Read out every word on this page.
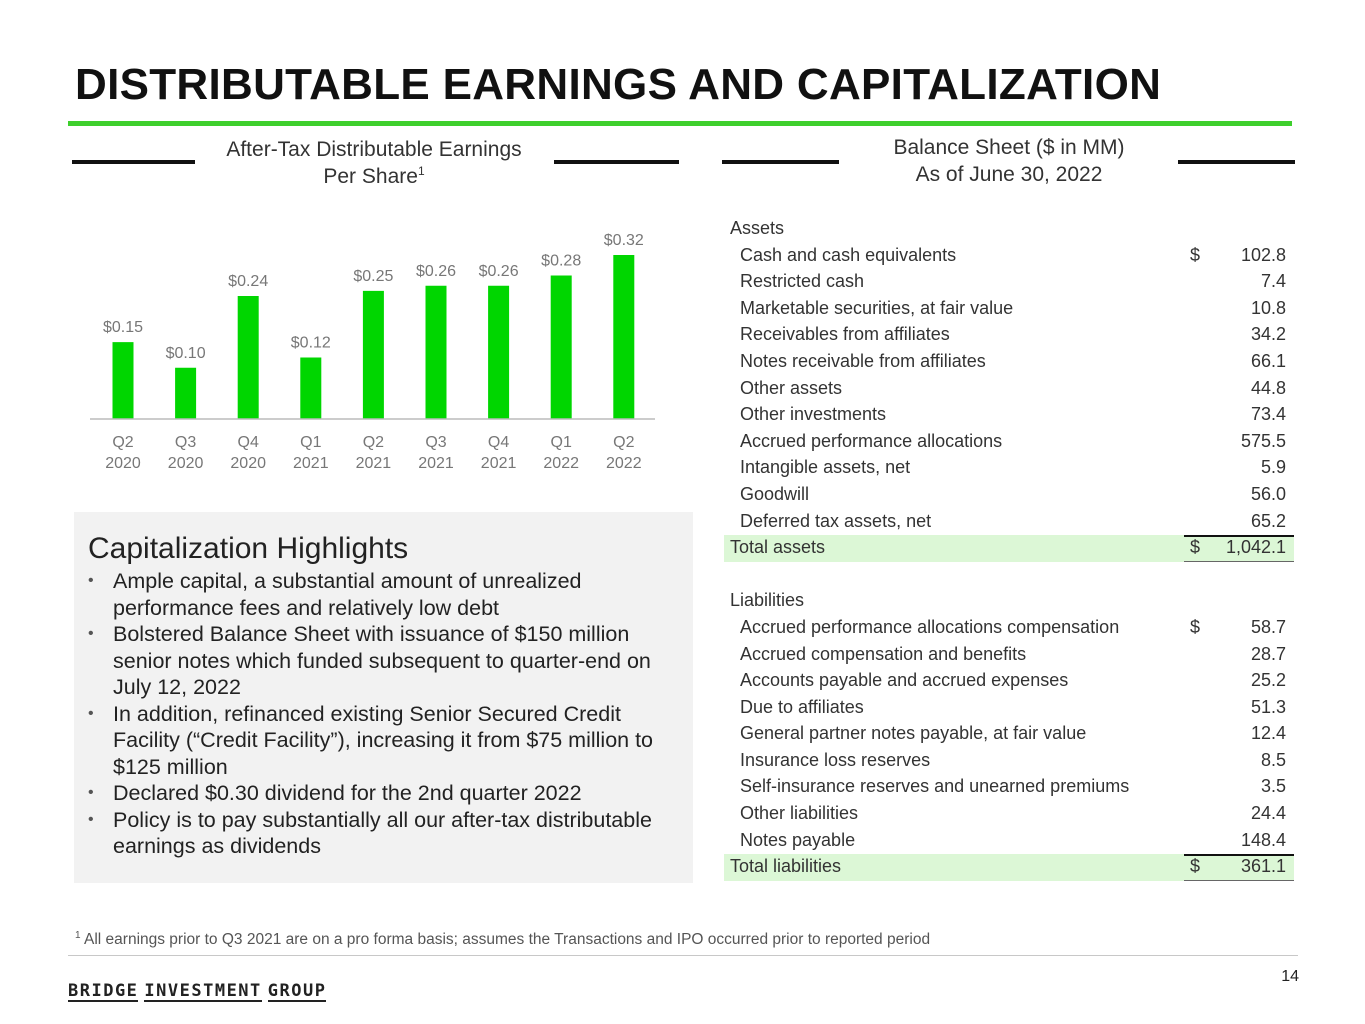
DISTRIBUTABLE EARNINGS AND CAPITALIZATION
After-Tax Distributable Earnings
Per Share$^1$
$0.15
Q2
2020
$0.10
Q3
2020
$0.24
Q4
2020
$0.12
Q1
2021
$0.25
Q2
2021
$0.26
Q3
2021
$0.26
Q4
2021
$0.28
Q1
2022
$0.32
Q2
2022
Capitalization Highlights
• Ample capital, a substantial amount of unrealized performance fees and relatively low debt
• Bolstered Balance Sheet with issuance of $150 million senior notes which funded subsequent to quarter-end on July 12, 2022
• In addition, refinanced existing Senior Secured Credit Facility (“Credit Facility”), increasing it from $75 million to $125 million
• Declared $0.30 dividend for the 2nd quarter 2022
• Policy is to pay substantially all our after-tax distributable earnings as dividends
Balance Sheet ($ in MM)
As of June 30, 2022
Assets
Cash and cash equivalents	$ 102.8
Restricted cash	7.4
Marketable securities, at fair value	10.8
Receivables from affiliates	34.2
Notes receivable from affiliates	66.1
Other assets	44.8
Other investments	73.4
Accrued performance allocations	575.5
Intangible assets, net	5.9
Goodwill	56.0
Deferred tax assets, net	65.2
Total assets	$ 1,042.1
Liabilities
Accrued performance allocations compensation	$	58.7
Accrued compensation and benefits	28.7
Accounts payable and accrued expenses	25.2
Due to affiliates	51.3
General partner notes payable, at fair value	12.4
Insurance loss reserves	8.5
Self-insurance reserves and unearned premiums	3.5
Other liabilities	24.4
Notes payable	148.4
Total liabilities	$ 361.1
$^1$ All earnings prior to Q3 2021 are on a pro forma basis; assumes the Transactions and IPO occurred prior to reported period
BRIDGE INVESTMENT GROUP
14
